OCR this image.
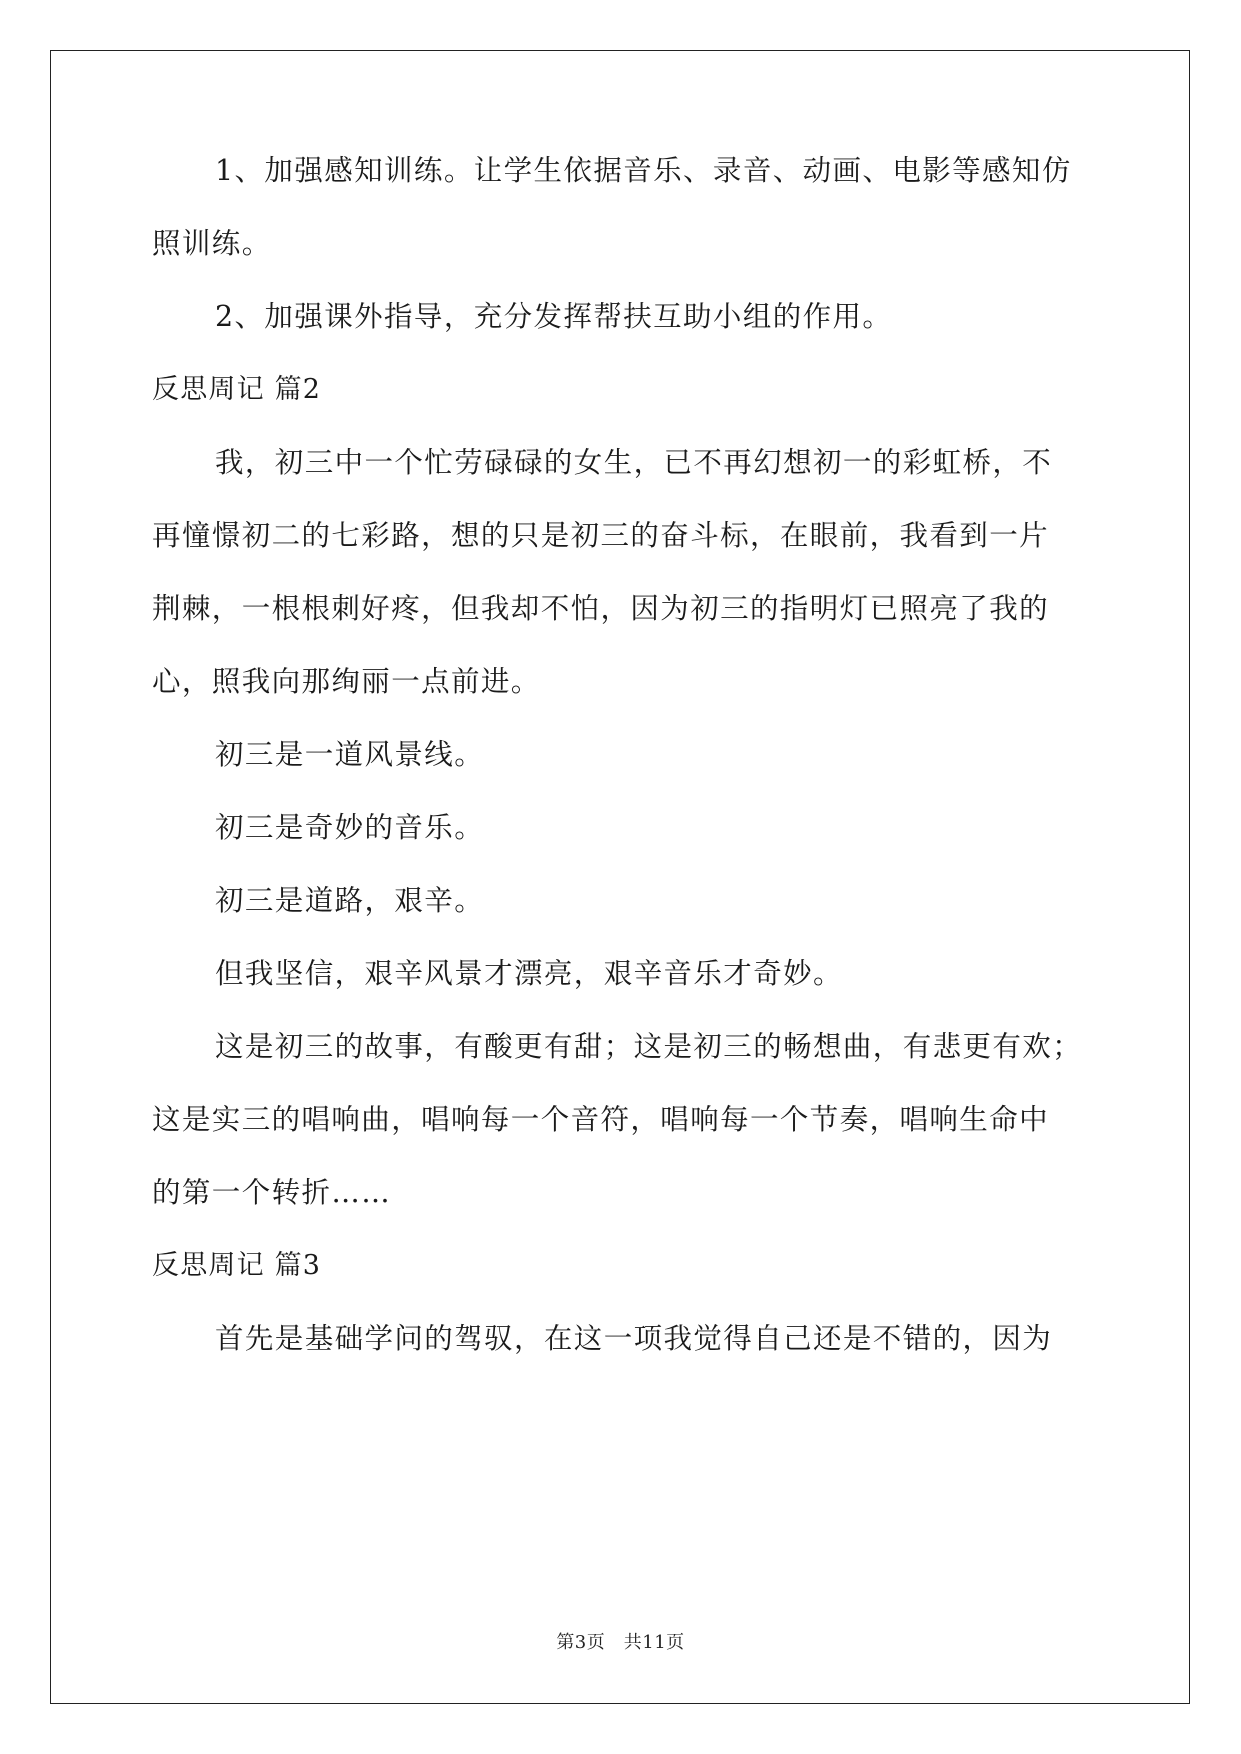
1、加强感知训练。让学生依据音乐、录音、动画、电影等感知仿
照训练。
2、加强课外指导，充分发挥帮扶互助小组的作用。
反思周记 篇2
我，初三中一个忙劳碌碌的女生，已不再幻想初一的彩虹桥，不
再憧憬初二的七彩路，想的只是初三的奋斗标，在眼前，我看到一片
荆棘，一根根刺好疼，但我却不怕，因为初三的指明灯已照亮了我的
心，照我向那绚丽一点前进。
初三是一道风景线。
初三是奇妙的音乐。
初三是道路，艰辛。
但我坚信，艰辛风景才漂亮，艰辛音乐才奇妙。
这是初三的故事，有酸更有甜；这是初三的畅想曲，有悲更有欢；
这是实三的唱响曲，唱响每一个音符，唱响每一个节奏，唱响生命中
的第一个转折……
反思周记 篇3
首先是基础学问的驾驭，在这一项我觉得自己还是不错的，因为
第3页　共11页
